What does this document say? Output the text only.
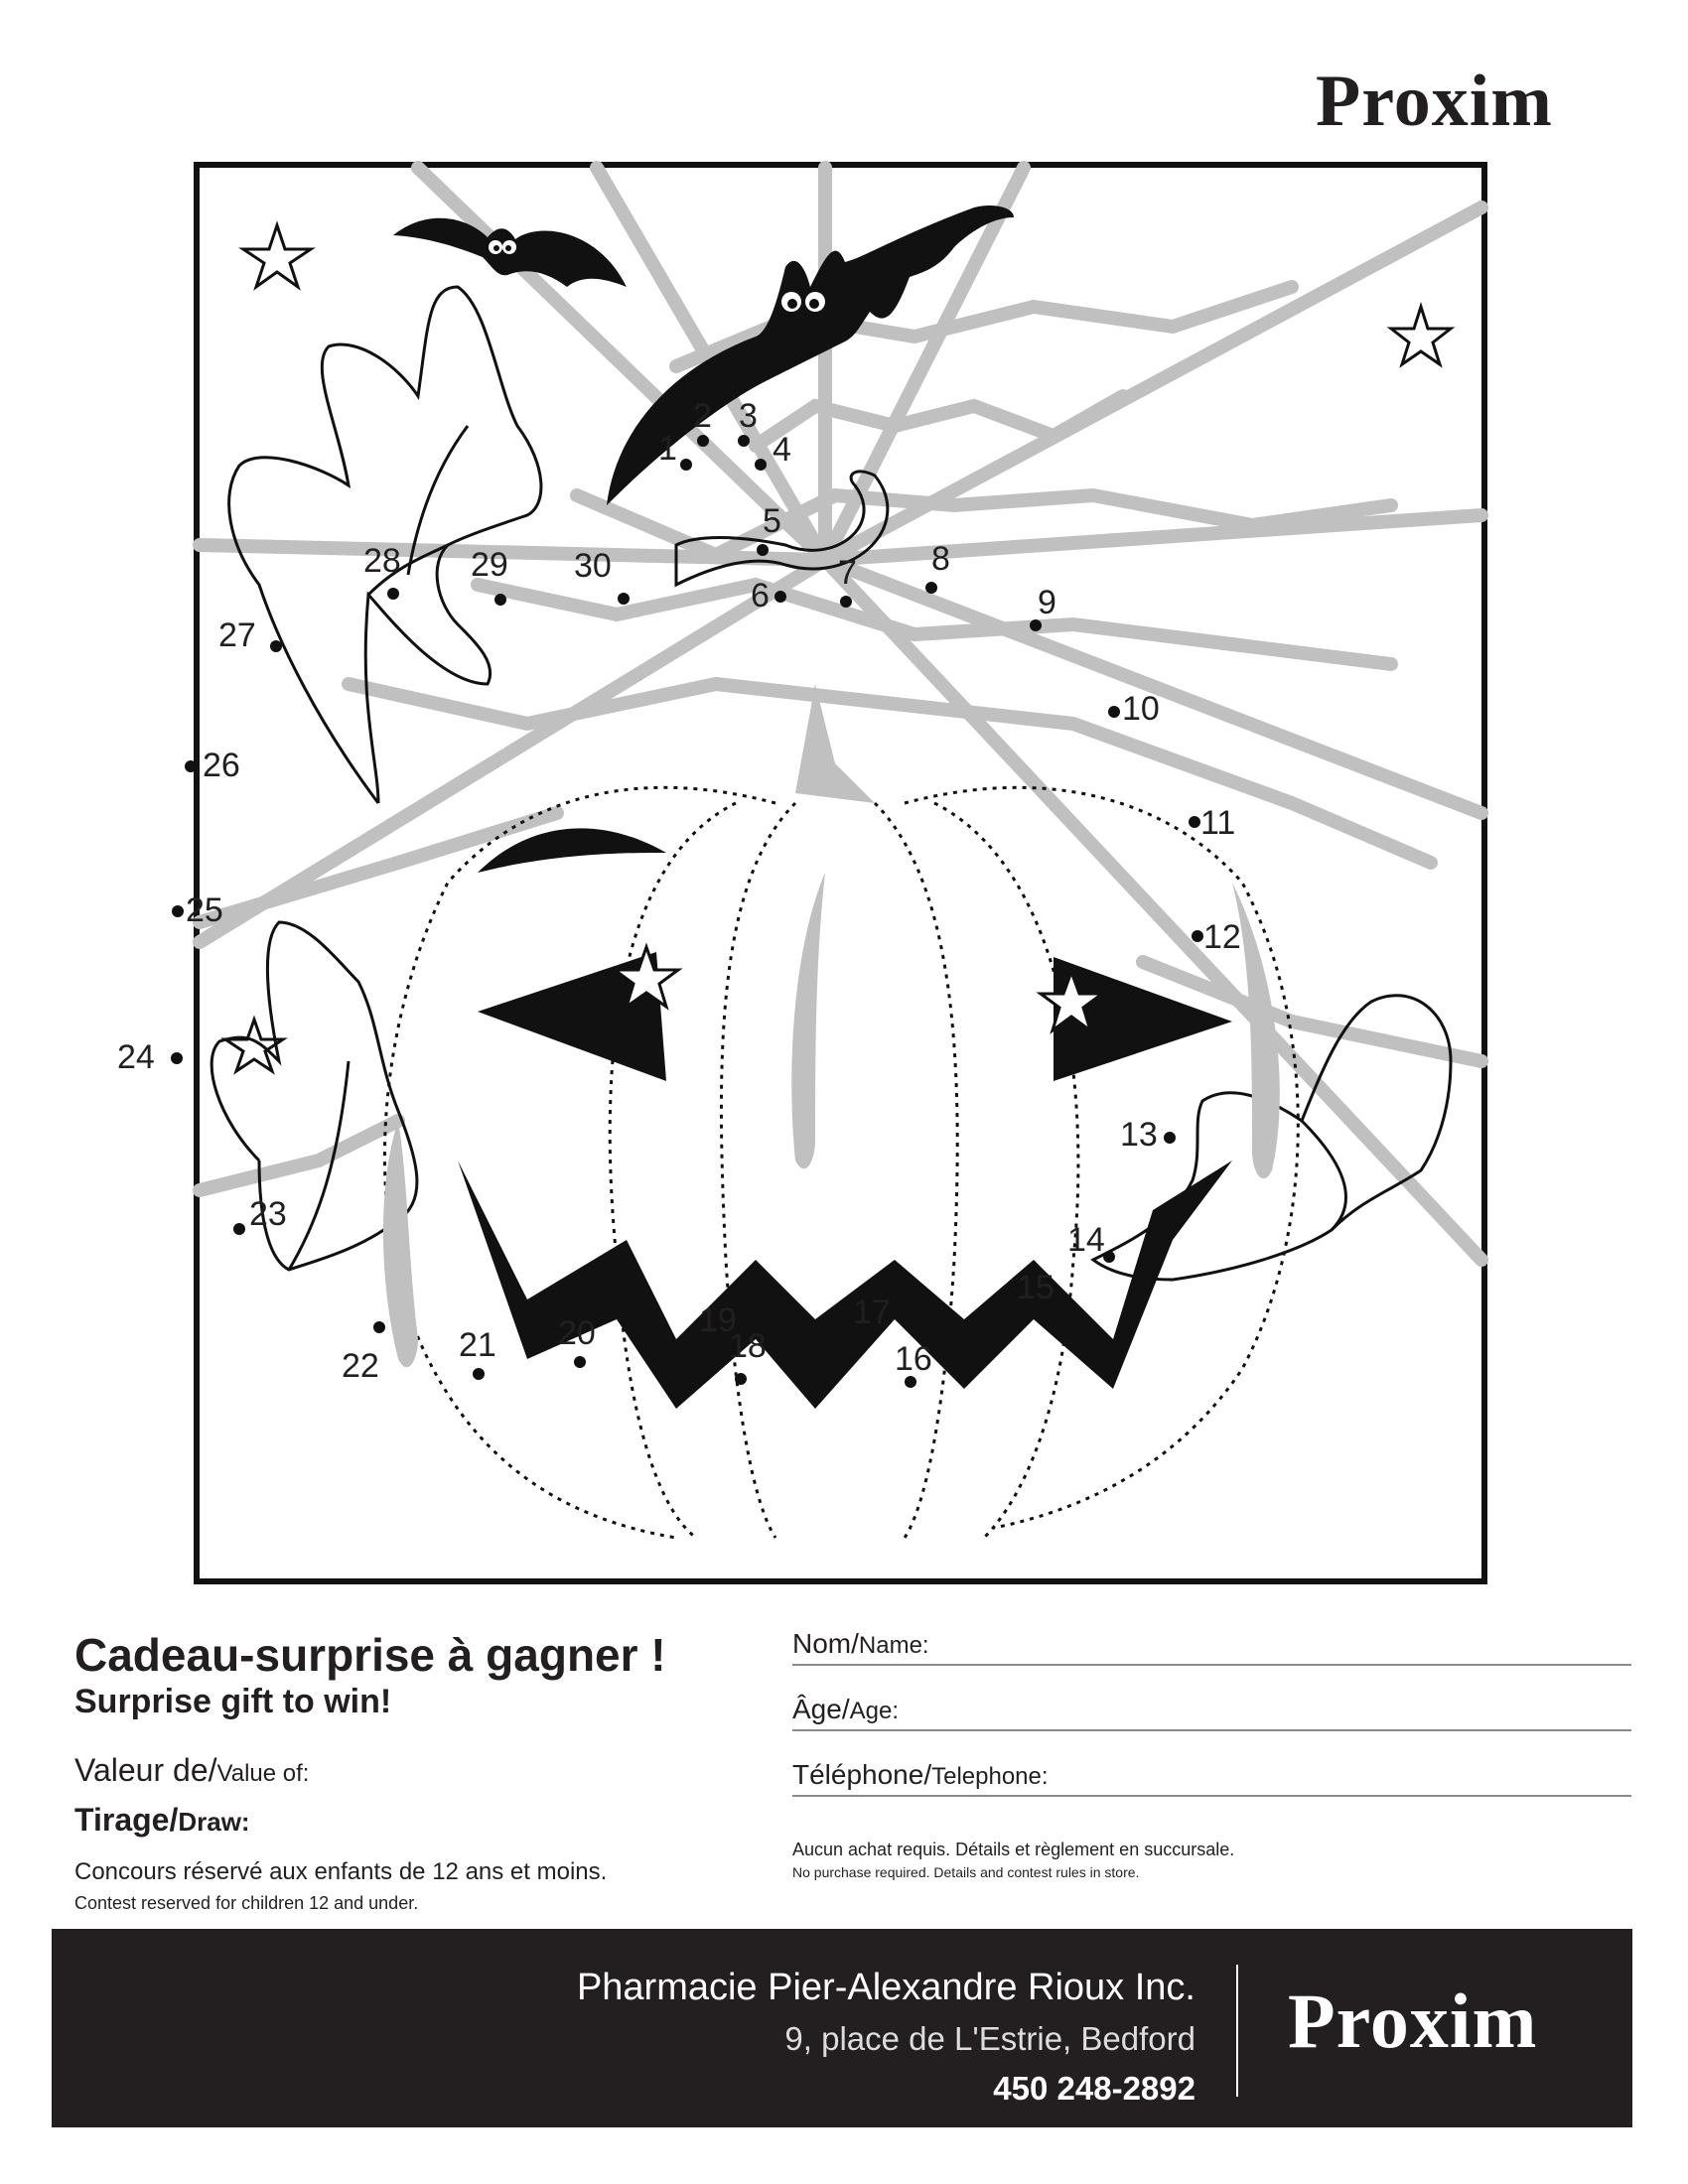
Proxim
1
2 3
4
5
6
7 8
9
10
11
12
13
14
15
16
17
18
19
20
21
22
23
24
25
26
27
28 29 30
Cadeau-surprise à gagner !
Surprise gift to win!
Valeur de/Value of:
Tirage/Draw:
Concours réservé aux enfants de 12 ans et moins.
Contest reserved for children 12 and under.
Nom/Name:
Âge/Age:
Téléphone/Telephone:
Aucun achat requis. Détails et règlement en succursale.
No purchase required. Details and contest rules in store.
Pharmacie Pier-Alexandre Rioux Inc.
9, place de L'Estrie, Bedford
450 248-2892
Proxim
